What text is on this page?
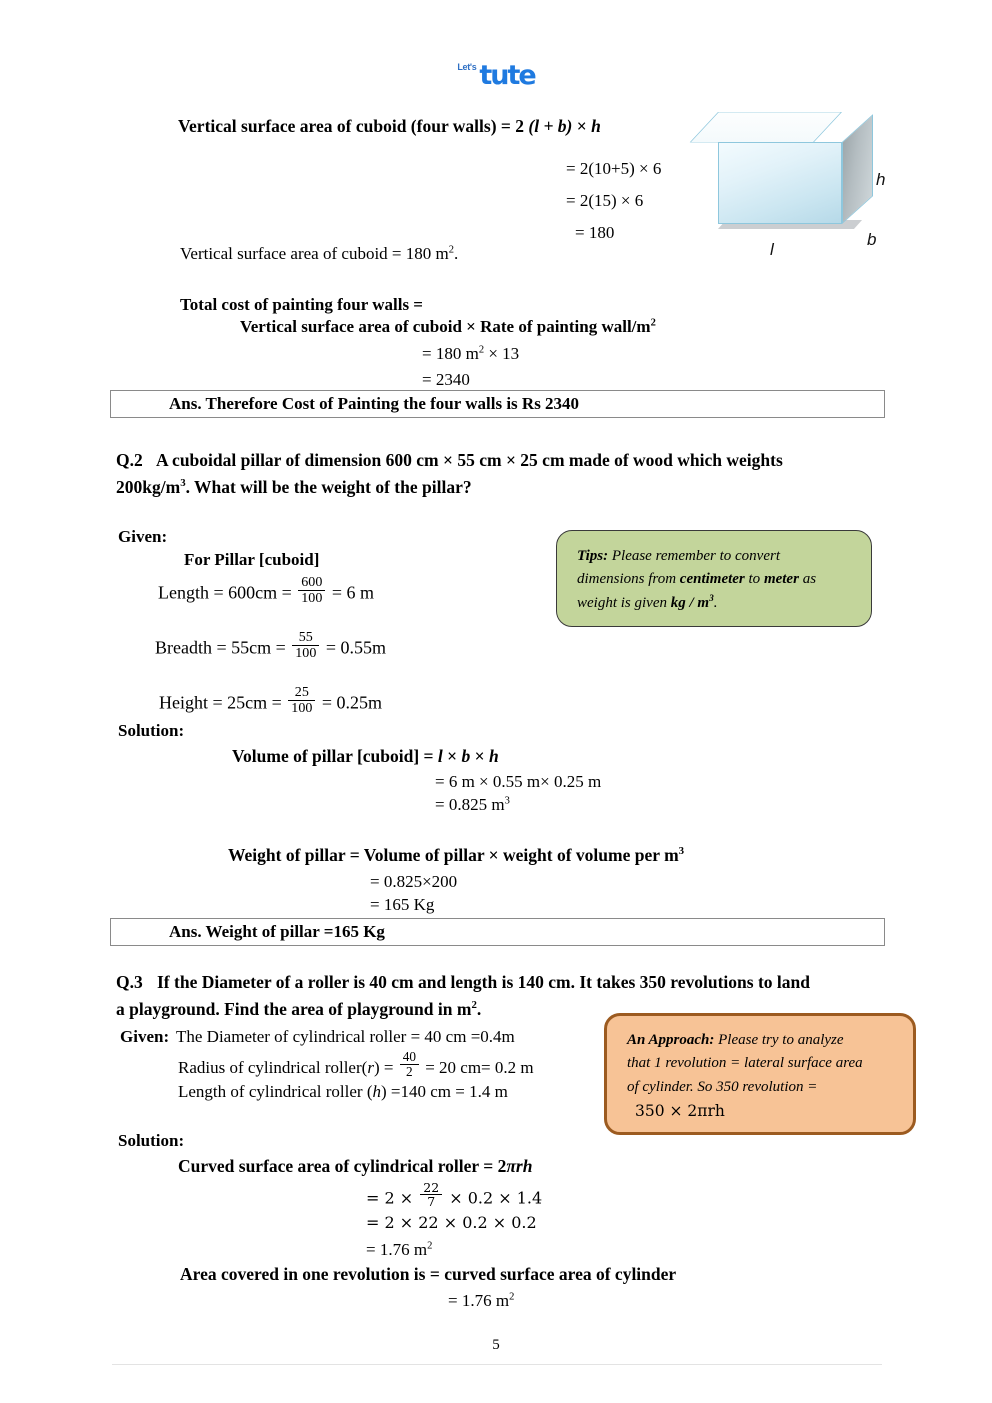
Let's tute
Vertical surface area of cuboid (four walls) = 2 (l + b) × h
= 2(10+5) × 6
= 2(15) × 6
= 180
Vertical surface area of cuboid = 180 $m^2$.
Total cost of painting four walls =
Vertical surface area of cuboid × Rate of painting wall/$m^2$
= 180 $m^2 \times 13$
= 2340
Ans. Therefore Cost of Painting the four walls is Rs 2340
h
b
l
Q.2 A cuboidal pillar of dimension 600 cm × 55 cm × 25 cm made of wood which weights
$200kg/m^3$. What will be the weight of the pillar?
Given:
For Pillar [cuboid]
Length = $600cm = \frac{600}{100} = 6$ m
Breadth = $55cm = \frac{55}{100} = 0.55m$
Height = $25cm = \frac{25}{100} = 0.25m$
Tips: Please remember to convert
dimensions from centimeter to meter as
weight is given kg / $m^3$.
Solution:
Volume of pillar [cuboid] = l × b × h
= 6 m × 0.55 m× 0.25 m
= 0.825 $m^3$
Weight of pillar = Volume of pillar × weight of volume per $m^3$
= 0.825×200
= 165 Kg
Ans. Weight of pillar =165 Kg
Q.3 If the Diameter of a roller is 40 cm and length is 140 cm. It takes 350 revolutions to land
a playground. Find the area of playground in $m^2$.
Given: The Diameter of cylindrical roller = 40 cm =0.4m
Radius of cylindrical roller(r) = $\frac{40}{2} = 20$ cm= 0.2 m
Length of cylindrical roller (h) =140 cm = 1.4 m
An Approach: Please try to analyze
that 1 revolution = lateral surface area
of cylinder. So 350 revolution =
350 × 2πrh
Solution:
Curved surface area of cylindrical roller = 2πrh
= $2 \times \frac{22}{7} \times 0.2 \times 1.4$
= 2 × 22 × 0.2 × 0.2
= 1.76 $m^2$
Area covered in one revolution is = curved surface area of cylinder
= 1.76 $m^2$
5
